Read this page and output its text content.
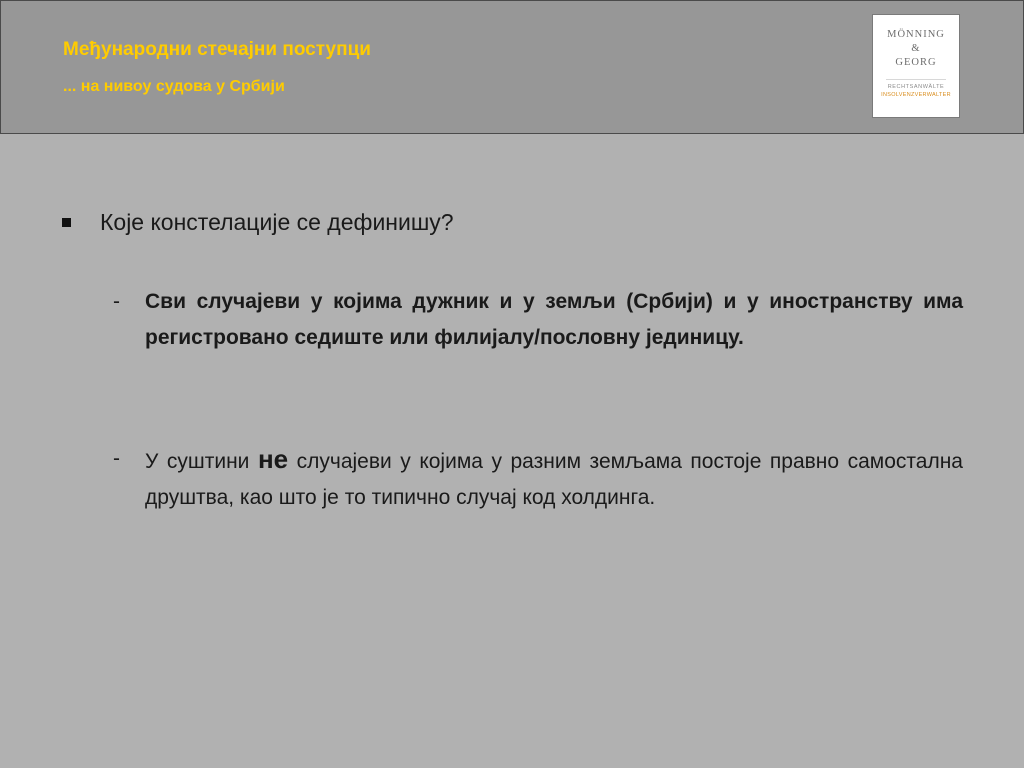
Међународни стечајни поступци
... на нивоу судова у Србији
MÖNNING
&
GEORG
RECHTSANWÄLTE
INSOLVENZVERWALTER
Које констелације се дефинишу?
- Сви случајеви у којима дужник и у земљи (Србији) и у иностранству има регистровано седиште или филијалу/пословну јединицу.
- У суштини не случајеви у којима у разним земљама постоје правно самостална друштва, као што је то типично случај код холдинга.
